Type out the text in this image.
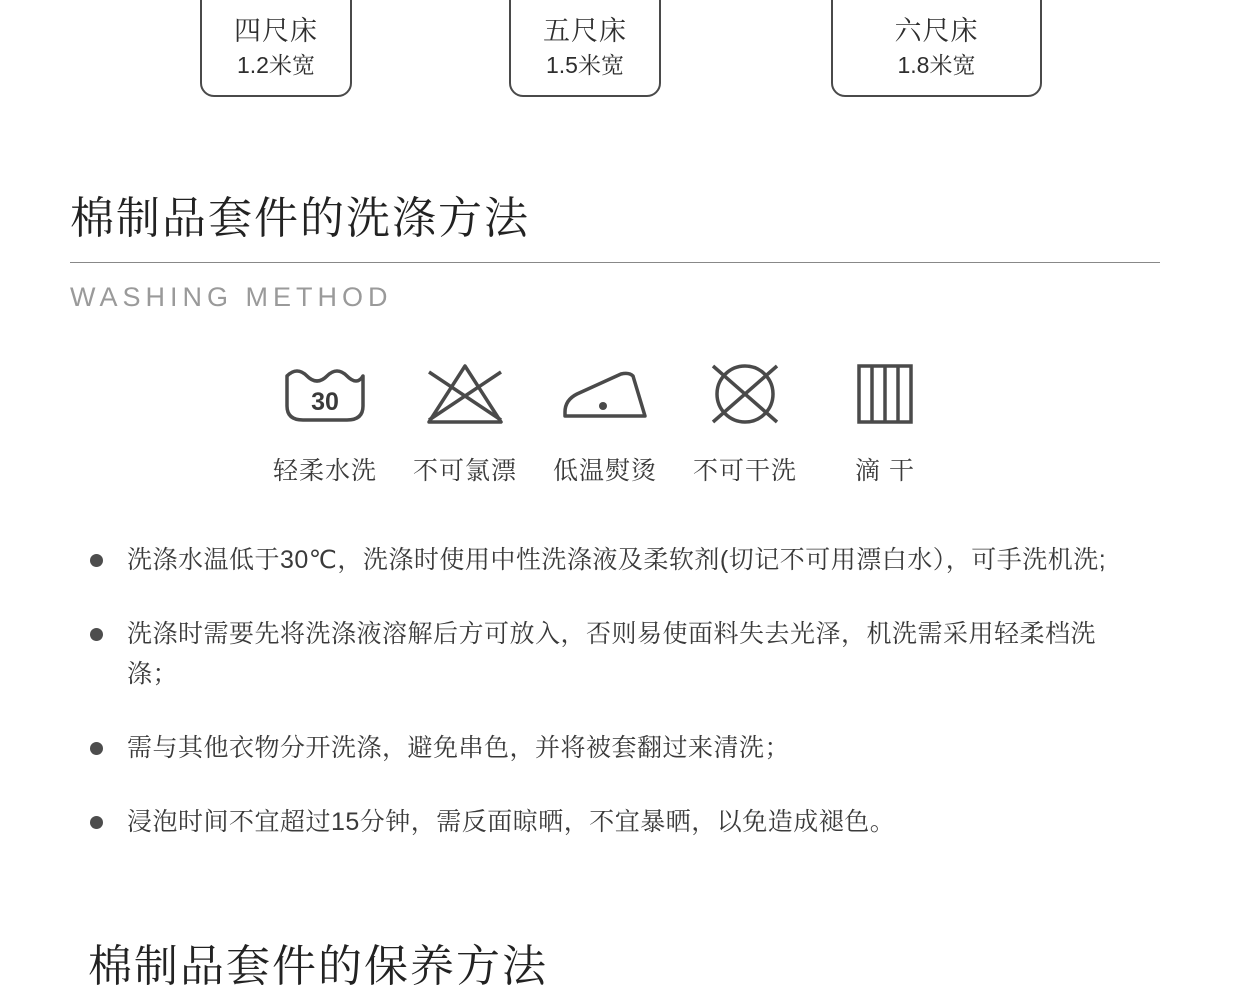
四尺床
1.2米宽
五尺床
1.5米宽
六尺床
1.8米宽
棉制品套件的洗涤方法
WASHING METHOD
30
轻柔水洗 不可氯漂 低温熨烫 不可干洗 滴 干
洗涤水温低于30℃，洗涤时使用中性洗涤液及柔软剂(切记不可用漂白水），可手洗机洗;
洗涤时需要先将洗涤液溶解后方可放入，否则易使面料失去光泽，机洗需采用轻柔档洗涤；
需与其他衣物分开洗涤，避免串色，并将被套翻过来清洗；
浸泡时间不宜超过15分钟，需反面晾晒，不宜暴晒，以免造成褪色。
棉制品套件的保养方法
